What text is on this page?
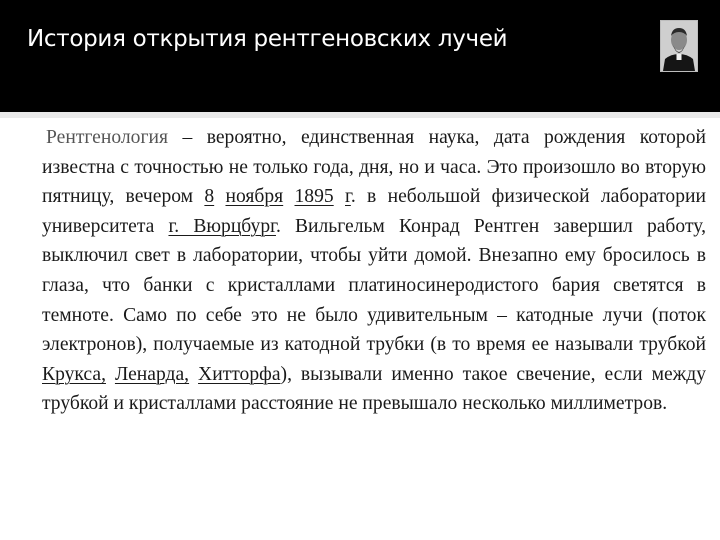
История открытия рентгеновских лучей

Рентгенология – вероятно, единственная наука, дата рождения которой известна с точностью не только года, дня, но и часа. Это произошло во вторую пятницу, вечером 8 ноября 1895 г. в небольшой физической лаборатории университета г. Вюрцбург. Вильгельм Конрад Рентген завершил работу, выключил свет в лаборатории, чтобы уйти домой. Внезапно ему бросилось в глаза, что банки с кристаллами платиносинеродистого бария светятся в темноте. Само по себе это не было удивительным – катодные лучи (поток электронов), получаемые из катодной трубки (в то время ее называли трубкой Крукса, Ленарда, Хитторфа), вызывали именно такое свечение, если между трубкой и кристаллами расстояние не превышало несколько миллиметров.
